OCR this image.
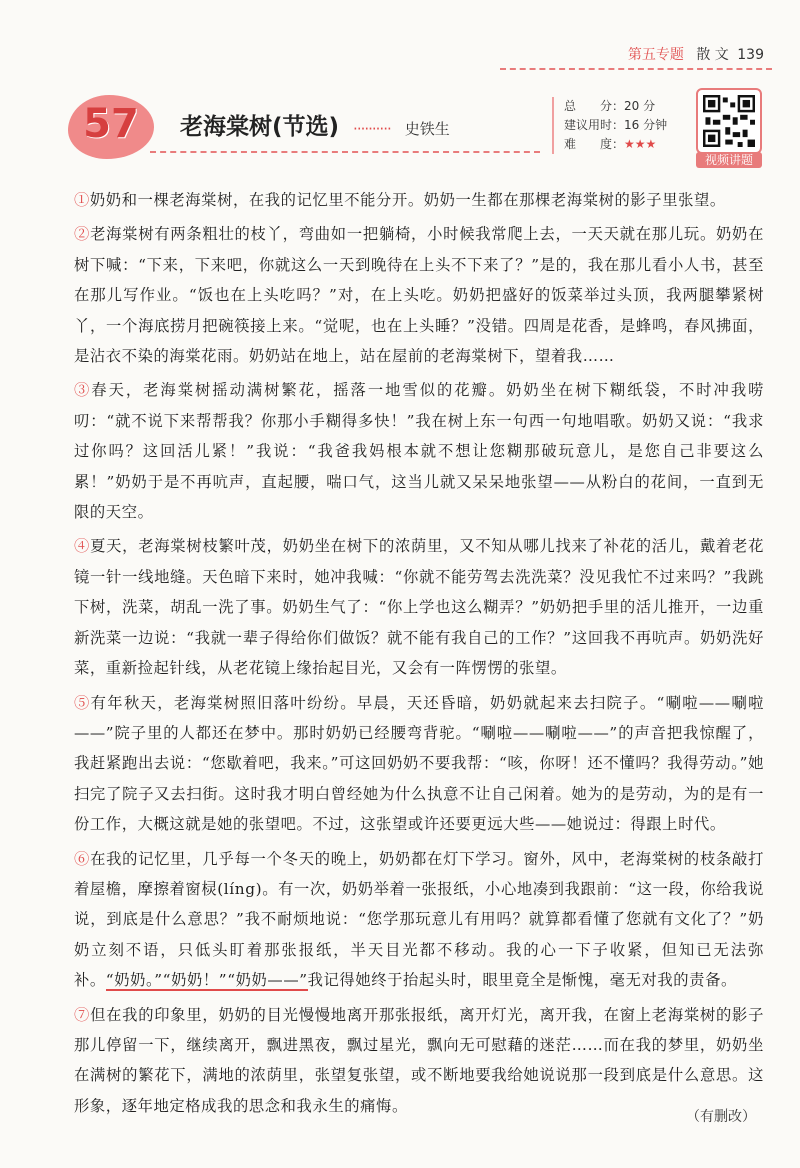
第五专题 散 文 139
57	老海棠树(节选) ·········· 史铁生
总　　分：20 分
建议用时：16 分钟
难　　度：★★★
视频讲题

①奶奶和一棵老海棠树，在我的记忆里不能分开。奶奶一生都在那棵老海棠树的影子里张望。

②老海棠树有两条粗壮的枝丫，弯曲如一把躺椅，小时候我常爬上去，一天天就在那儿玩。奶奶在树下喊：“下来，下来吧，你就这么一天到晚待在上头不下来了？”是的，我在那儿看小人书，甚至在那儿写作业。“饭也在上头吃吗？”对，在上头吃。奶奶把盛好的饭菜举过头顶，我两腿攀紧树丫，一个海底捞月把碗筷接上来。“觉呢，也在上头睡？”没错。四周是花香，是蜂鸣，春风拂面，是沾衣不染的海棠花雨。奶奶站在地上，站在屋前的老海棠树下，望着我……

③春天，老海棠树摇动满树繁花，摇落一地雪似的花瓣。奶奶坐在树下糊纸袋，不时冲我唠叨：“就不说下来帮帮我？你那小手糊得多快！”我在树上东一句西一句地唱歌。奶奶又说：“我求过你吗？这回活儿紧！”我说：“我爸我妈根本就不想让您糊那破玩意儿，是您自己非要这么累！”奶奶于是不再吭声，直起腰，喘口气，这当儿就又呆呆地张望——从粉白的花间，一直到无限的天空。

④夏天，老海棠树枝繁叶茂，奶奶坐在树下的浓荫里，又不知从哪儿找来了补花的活儿，戴着老花镜一针一线地缝。天色暗下来时，她冲我喊：“你就不能劳驾去洗洗菜？没见我忙不过来吗？”我跳下树，洗菜，胡乱一洗了事。奶奶生气了：“你上学也这么糊弄？”奶奶把手里的活儿推开，一边重新洗菜一边说：“我就一辈子得给你们做饭？就不能有我自己的工作？”这回我不再吭声。奶奶洗好菜，重新捡起针线，从老花镜上缘抬起目光，又会有一阵愣愣的张望。

⑤有年秋天，老海棠树照旧落叶纷纷。早晨，天还昏暗，奶奶就起来去扫院子。“唰啦——唰啦——”院子里的人都还在梦中。那时奶奶已经腰弯背驼。“唰啦——唰啦——”的声音把我惊醒了，我赶紧跑出去说：“您歇着吧，我来。”可这回奶奶不要我帮：“咳，你呀！还不懂吗？我得劳动。”她扫完了院子又去扫街。这时我才明白曾经她为什么执意不让自己闲着。她为的是劳动，为的是有一份工作，大概这就是她的张望吧。不过，这张望或许还要更远大些——她说过：得跟上时代。

⑥在我的记忆里，几乎每一个冬天的晚上，奶奶都在灯下学习。窗外，风中，老海棠树的枝条敲打着屋檐，摩擦着窗棂(líng)。有一次，奶奶举着一张报纸，小心地凑到我跟前：“这一段，你给我说说，到底是什么意思？”我不耐烦地说：“您学那玩意儿有用吗？就算都看懂了您就有文化了？”奶奶立刻不语，只低头盯着那张报纸，半天目光都不移动。我的心一下子收紧，但知已无法弥补。“奶奶。”“奶奶！”“奶奶——”我记得她终于抬起头时，眼里竟全是惭愧，毫无对我的责备。

⑦但在我的印象里，奶奶的目光慢慢地离开那张报纸，离开灯光，离开我，在窗上老海棠树的影子那儿停留一下，继续离开，飘进黑夜，飘过星光，飘向无可慰藉的迷茫……而在我的梦里，奶奶坐在满树的繁花下，满地的浓荫里，张望复张望，或不断地要我给她说说那一段到底是什么意思。这形象，逐年地定格成我的思念和我永生的痛悔。

（有删改）
